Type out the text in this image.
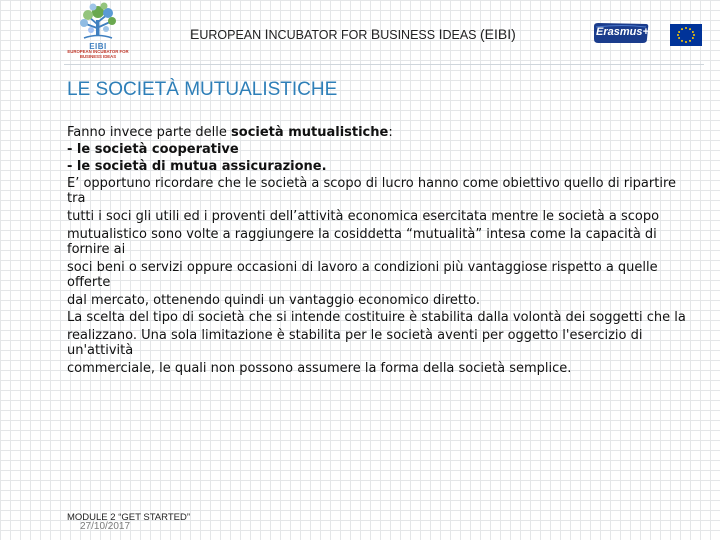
EIBI
EUROPEAN INCUBATOR FOR BUSINESS IDEAS
EUROPEAN INCUBATOR FOR BUSINESS IDEAS (EIBI)	Erasmus+
LE SOCIETÀ MUTUALISTICHE
Fanno invece parte delle società mutualistiche:
- le società cooperative
- le società di mutua assicurazione.
E’ opportuno ricordare che le società a scopo di lucro hanno come obiettivo quello di ripartire tra
tutti i soci gli utili ed i proventi dell’attività economica esercitata mentre le società a scopo
mutualistico sono volte a raggiungere la cosiddetta “mutualità” intesa come la capacità di fornire ai
soci beni o servizi oppure occasioni di lavoro a condizioni più vantaggiose rispetto a quelle offerte
dal mercato, ottenendo quindi un vantaggio economico diretto.
La scelta del tipo di società che si intende costituire è stabilita dalla volontà dei soggetti che la
realizzano. Una sola limitazione è stabilita per le società aventi per oggetto l'esercizio di un'attività
commerciale, le quali non possono assumere la forma della società semplice.
MODULE 2 “GET STARTED”
27/10/2017
